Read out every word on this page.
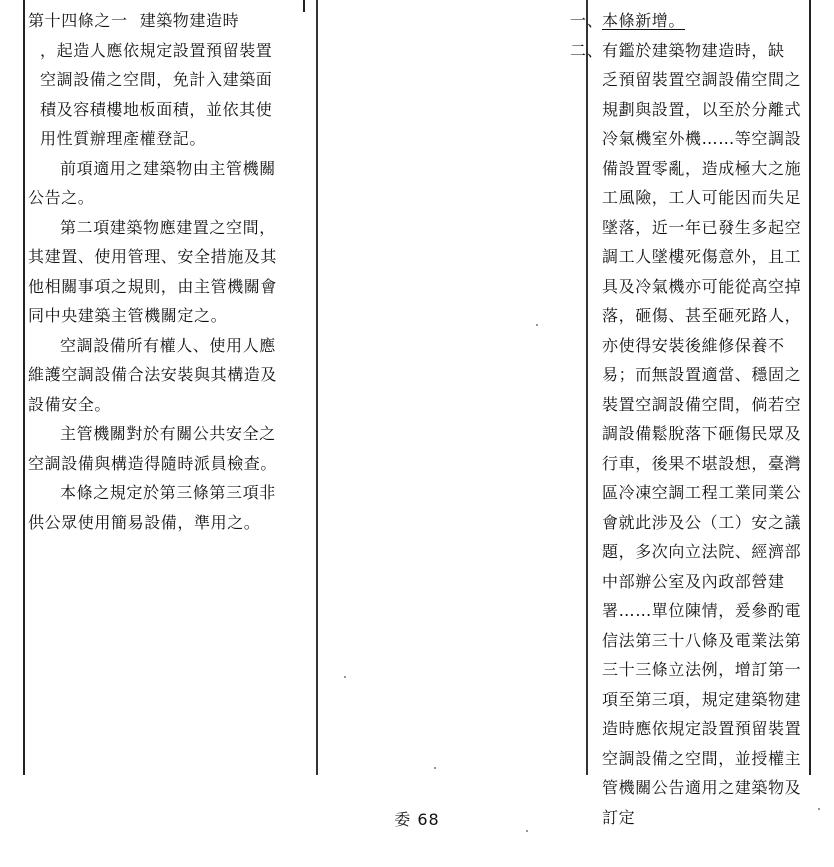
第十四條之一 建築物建造時
，起造人應依規定設置預留裝置空調設備之空間，免計入建築面積及容積樓地板面積，並依其使用性質辦理產權登記。

前項適用之建築物由主管機關公告之。

第二項建築物應建置之空間，其建置、使用管理、安全措施及其他相關事項之規則，由主管機關會同中央建築主管機關定之。

空調設備所有權人、使用人應維護空調設備合法安裝與其構造及設備安全。

主管機關對於有關公共安全之空調設備與構造得隨時派員檢查。

本條之規定於第三條第三項非供公眾使用簡易設備，準用之。

一、本條新增。
二、有鑑於建築物建造時，缺
乏預留裝置空調設備空間之規劃與設置，以至於分離式冷氣機室外機……等空調設備設置零亂，造成極大之施工風險，工人可能因而失足墜落，近一年已發生多起空調工人墜樓死傷意外，且工具及冷氣機亦可能從高空掉落，砸傷、甚至砸死路人，亦使得安裝後維修保養不易；而無設置適當、穩固之裝置空調設備空間，倘若空調設備鬆脫落下砸傷民眾及行車，後果不堪設想，臺灣區冷凍空調工程工業同業公會就此涉及公（工）安之議題，多次向立法院、經濟部中部辦公室及內政部營建署……單位陳情，爰參酌電信法第三十八條及電業法第三十三條立法例，增訂第一項至第三項，規定建築物建造時應依規定設置預留裝置空調設備之空間，並授權主管機關公告適用之建築物及訂定
委 68
